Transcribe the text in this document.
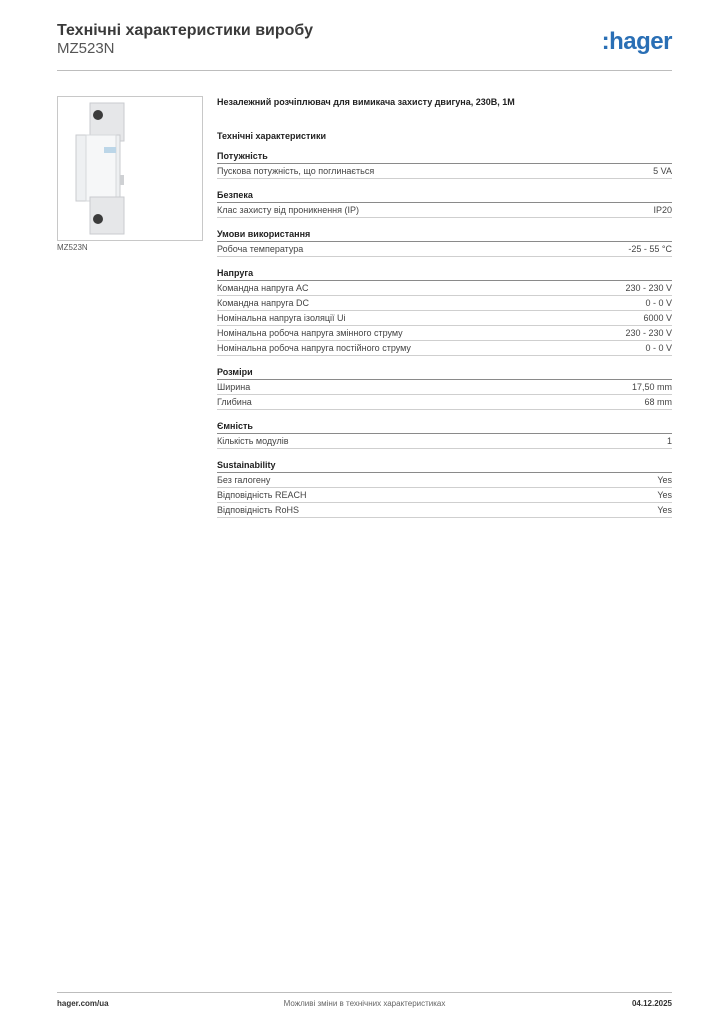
Технічні характеристики виробу
MZ523N	:hager
MZ523N
Незалежний розчіплювач для вимикача захисту двигуна, 230В, 1М
Технічні характеристики
Потужність
Пускова потужність, що поглинається	5 VA
Безпека
Клас захисту від проникнення (IP)	IP20
Умови використання
Робоча температура	-25 - 55 °C
Напруга
Командна напруга AC	230 - 230 V
Командна напруга DC	0 - 0 V
Номінальна напруга ізоляції Ui	6000 V
Номінальна робоча напруга змінного струму	230 - 230 V
Номінальна робоча напруга постійного струму	0 - 0 V
Розміри
Ширина	17,50 mm
Глибина	68 mm
Ємність
Кількість модулів	1
Sustainability
Без галогену	Yes
Відповідність REACH	Yes
Відповідність RoHS	Yes
hager.com/ua	Можливі зміни в технічних характеристиках	04.12.2025
